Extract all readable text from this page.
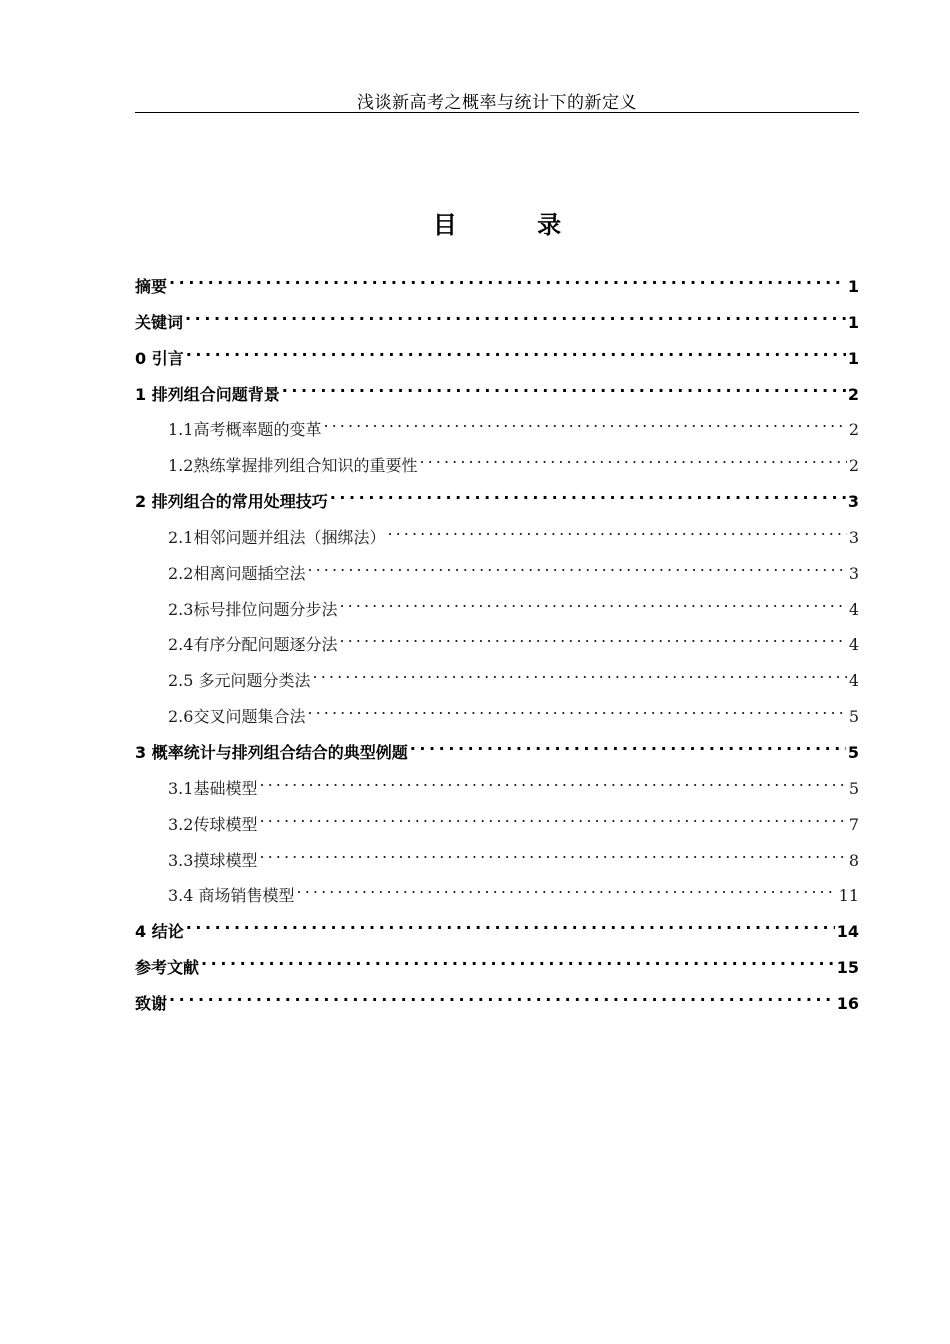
浅谈新高考之概率与统计下的新定义
目 录
摘要 . . .	1
关键词 . . .	1
0 引言 . . .	1
1 排列组合问题背景 . . .	2
1.1高考概率题的变革 . . .	2
1.2熟练掌握排列组合知识的重要性 . . .	2
2 排列组合的常用处理技巧 . . .	3
2.1相邻问题并组法（捆绑法） . . .	3
2.2相离问题插空法 . . .	3
2.3标号排位问题分步法 . . .	4
2.4有序分配问题逐分法 . . .	4
2.5 多元问题分类法 . . .	4
2.6交叉问题集合法 . . .	5
3 概率统计与排列组合结合的典型例题 . . .	5
3.1基础模型 . . .	5
3.2传球模型 . . .	7
3.3摸球模型 . . .	8
3.4 商场销售模型 . . .	11
4 结论 . . .	14
参考文献 . . .	15
致谢 . . .	16
